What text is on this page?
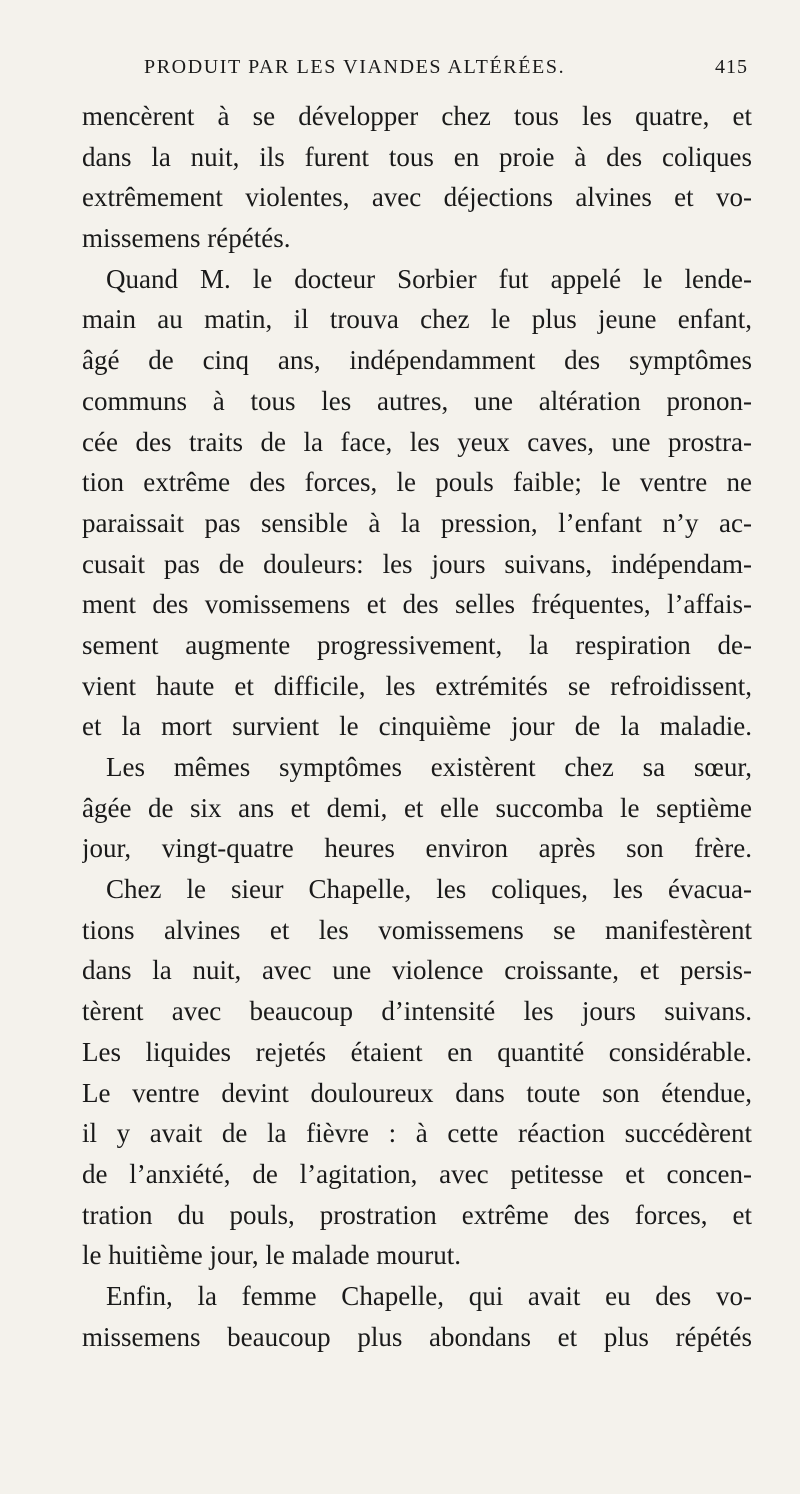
PRODUIT PAR LES VIANDES ALTÉRÉES.	415
mencèrent à se développer chez tous les quatre, et
dans la nuit, ils furent tous en proie à des coliques
extrêmement violentes, avec déjections alvines et vo-
missemens répétés.
Quand M. le docteur Sorbier fut appelé le lende-
main au matin, il trouva chez le plus jeune enfant,
âgé de cinq ans, indépendamment des symptômes
communs à tous les autres, une altération pronon-
cée des traits de la face, les yeux caves, une prostra-
tion extrême des forces, le pouls faible; le ventre ne
paraissait pas sensible à la pression, l’enfant n’y ac-
cusait pas de douleurs: les jours suivans, indépendam-
ment des vomissemens et des selles fréquentes, l’affais-
sement augmente progressivement, la respiration de-
vient haute et difficile, les extrémités se refroidissent,
et la mort survient le cinquième jour de la maladie.
Les mêmes symptômes existèrent chez sa sœur,
âgée de six ans et demi, et elle succomba le septième
jour, vingt-quatre heures environ après son frère.
Chez le sieur Chapelle, les coliques, les évacua-
tions alvines et les vomissemens se manifestèrent
dans la nuit, avec une violence croissante, et persis-
tèrent avec beaucoup d’intensité les jours suivans.
Les liquides rejetés étaient en quantité considérable.
Le ventre devint douloureux dans toute son étendue,
il y avait de la fièvre : à cette réaction succédèrent
de l’anxiété, de l’agitation, avec petitesse et concen-
tration du pouls, prostration extrême des forces, et
le huitième jour, le malade mourut.
Enfin, la femme Chapelle, qui avait eu des vo-
missemens beaucoup plus abondans et plus répétés
